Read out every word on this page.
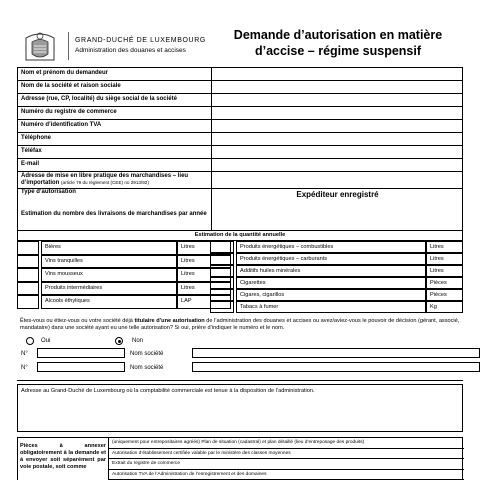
GRAND-DUCHÉ DE LUXEMBOURG
Administration des douanes et accises
Demande d’autorisation en matière d’accise – régime suspensif
Nom et prénom du demandeur
Nom de la société et raison sociale
Adresse (rue, CP, localité) du siège social de la société
Numéro du registre de commerce
Numéro d’identification TVA
Téléphone
Téléfax
E-mail
Adresse de mise en libre pratique des marchandises – lieu d’importation (article 79 du règlement (CEE) no 2913/92)
Type d’autorisation	Expéditeur enregistré
Estimation du nombre des livraisons de marchandises par année
Estimation de la quantité annuelle
Bières	Litres
Vins tranquilles	Litres
Vins mousseux	Litres
Produits intermédiaires	Litres
Alcools éthyliques	LAP
Produits énergétiques – combustibles	Litres
Produits énergétiques – carburants	Litres
Additifs huiles minérales	Litres
Cigarettes	Pièces
Cigares, cigarillos	Pièces
Tabacs à fumer	Kg
Êtes-vous ou étiez-vous ou votre société déjà titulaire d’une autorisation de l’administration des douanes et accises ou avez/aviez-vous le pouvoir de décision (gérant, associé, mandataire) dans une société ayant eu une telle autorisation? Si oui, prière d’indiquer le numéro et le nom.
Oui	Non
N°	Nom société
N°	Nom société
Adresse au Grand-Duché de Luxembourg où la comptabilité commerciale est tenue à la disposition de l’administration.
Pièces à annexer obligatoirement à la demande et à envoyer soit séparément par voie postale, soit comme
(uniquement pour entrepositaires agréés) Plan de situation (cadastral) et plan détaillé (lieu d’entreposage des produits)
Autorisation d’établissement certifiée valable par le ministère des classes moyennes
Extrait du registre de commerce
Autorisation TVA de l’Administration de l’enregistrement et des domaines
